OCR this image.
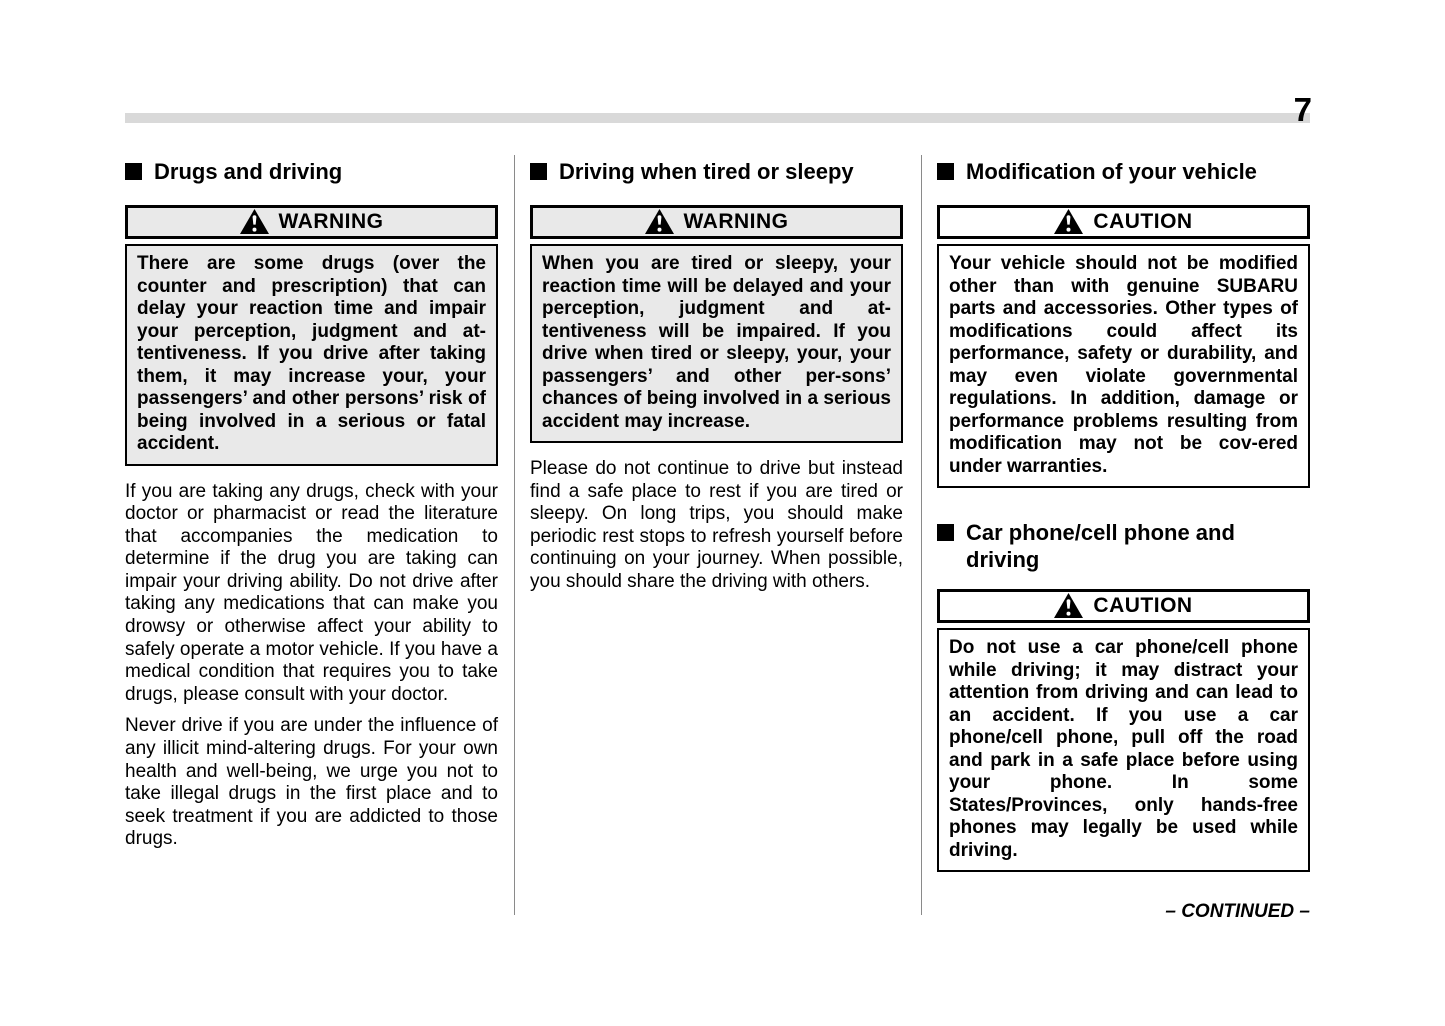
7
Drugs and driving
WARNING
There are some drugs (over the counter and prescription) that can delay your reaction time and impair your perception, judgment and at-tentiveness. If you drive after taking them, it may increase your, your passengers’ and other persons’ risk of being involved in a serious or fatal accident.

If you are taking any drugs, check with your doctor or pharmacist or read the literature that accompanies the medication to determine if the drug you are taking can impair your driving ability. Do not drive after taking any medications that can make you drowsy or otherwise affect your ability to safely operate a motor vehicle. If you have a medical condition that requires you to take drugs, please consult with your doctor.

Never drive if you are under the influence of any illicit mind-altering drugs. For your own health and well-being, we urge you not to take illegal drugs in the first place and to seek treatment if you are addicted to those drugs.

Driving when tired or sleepy
WARNING
When you are tired or sleepy, your reaction time will be delayed and your perception, judgment and at-tentiveness will be impaired. If you drive when tired or sleepy, your, your passengers’ and other per-sons’ chances of being involved in a serious accident may increase.

Please do not continue to drive but instead find a safe place to rest if you are tired or sleepy. On long trips, you should make periodic rest stops to refresh yourself before continuing on your journey. When possible, you should share the driving with others.

Modification of your vehicle
CAUTION
Your vehicle should not be modified other than with genuine SUBARU parts and accessories. Other types of modifications could affect its performance, safety or durability, and may even violate governmental regulations. In addition, damage or performance problems resulting from modification may not be cov-ered under warranties.
Car phone/cell phone and driving
CAUTION
Do not use a car phone/cell phone while driving; it may distract your attention from driving and can lead to an accident. If you use a car phone/cell phone, pull off the road and park in a safe place before using your phone. In some States/Provinces, only hands-free phones may legally be used while driving.
– CONTINUED –
